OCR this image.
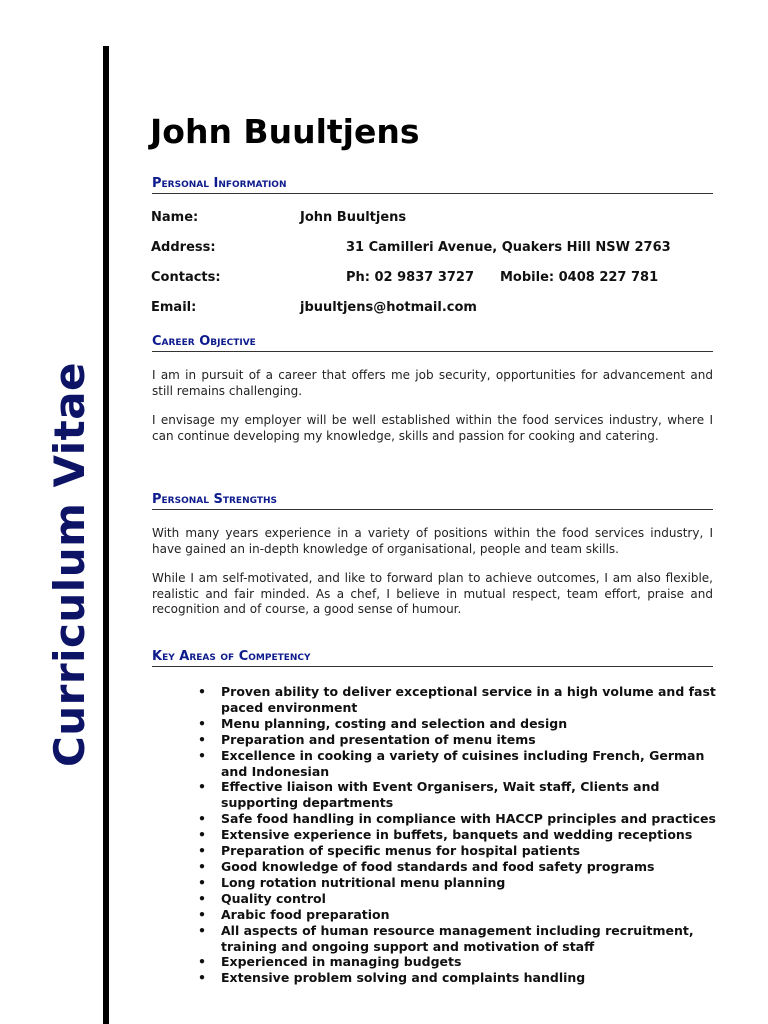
Curriculum Vitae
John Buultjens
Personal Information
Name:	John Buultjens
Address:	31 Camilleri Avenue, Quakers Hill NSW 2763
Contacts:	Ph: 02 9837 3727 Mobile: 0408 227 781
Email:	jbuultjens@hotmail.com
Career Objective

I am in pursuit of a career that offers me job security, opportunities for advancement and still remains challenging.

I envisage my employer will be well established within the food services industry, where I can continue developing my knowledge, skills and passion for cooking and catering.

Personal Strengths

With many years experience in a variety of positions within the food services industry, I have gained an in-depth knowledge of organisational, people and team skills.

While I am self-motivated, and like to forward plan to achieve outcomes, I am also flexible, realistic and fair minded. As a chef, I believe in mutual respect, team effort, praise and recognition and of course, a good sense of humour.

Key Areas of Competency
• Proven ability to deliver exceptional service in a high volume and fast paced environment
• Menu planning, costing and selection and design
• Preparation and presentation of menu items
• Excellence in cooking a variety of cuisines including French, German and Indonesian
• Effective liaison with Event Organisers, Wait staff, Clients and supporting departments
• Safe food handling in compliance with HACCP principles and practices
• Extensive experience in buffets, banquets and wedding receptions
• Preparation of specific menus for hospital patients
• Good knowledge of food standards and food safety programs
• Long rotation nutritional menu planning
• Quality control
• Arabic food preparation
• All aspects of human resource management including recruitment, training and ongoing support and motivation of staff
• Experienced in managing budgets
• Extensive problem solving and complaints handling
